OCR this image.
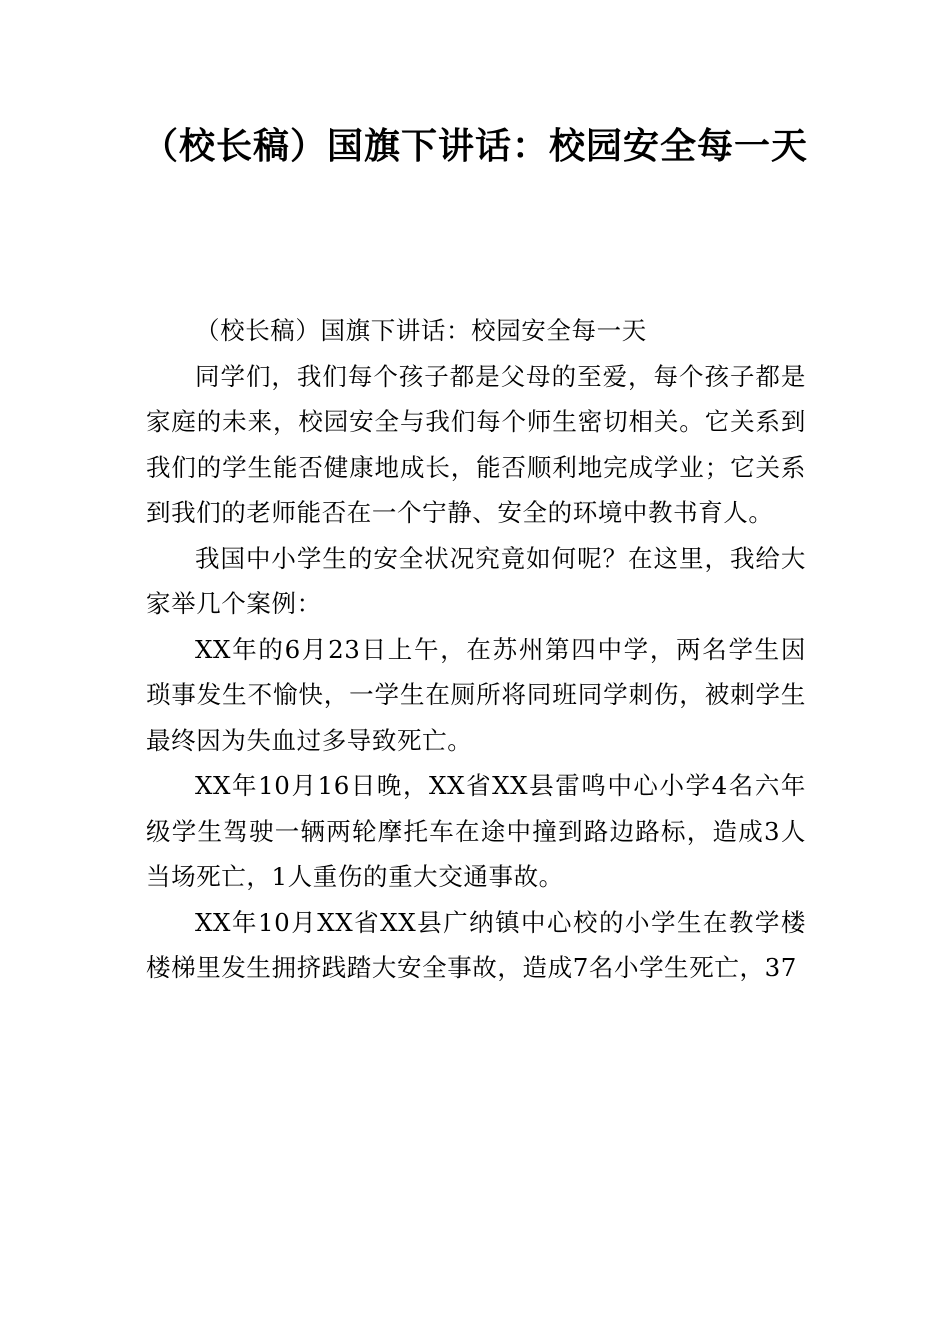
（校长稿）国旗下讲话：校园安全每一天

（校长稿）国旗下讲话：校园安全每一天

同学们，我们每个孩子都是父母的至爱，每个孩子都是家庭的未来，校园安全与我们每个师生密切相关。它关系到我们的学生能否健康地成长，能否顺利地完成学业；它关系到我们的老师能否在一个宁静、安全的环境中教书育人。

我国中小学生的安全状况究竟如何呢？在这里，我给大家举几个案例：

XX年的6月23日上午，在苏州第四中学，两名学生因琐事发生不愉快，一学生在厕所将同班同学刺伤，被刺学生最终因为失血过多导致死亡。

XX年10月16日晚，XX省XX县雷鸣中心小学4名六年级学生驾驶一辆两轮摩托车在途中撞到路边路标，造成3人当场死亡，1人重伤的重大交通事故。

XX年10月XX省XX县广纳镇中心校的小学生在教学楼楼梯里发生拥挤践踏大安全事故，造成7名小学生死亡，37
